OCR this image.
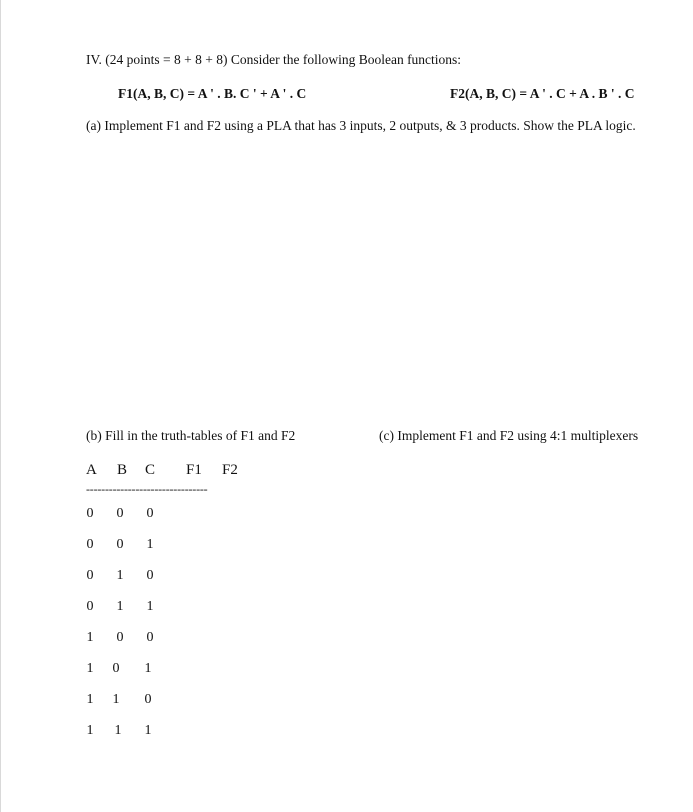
IV. (24 points = 8 + 8 + 8) Consider the following Boolean functions:
F1(A, B, C) = A ' . B. C ' + A ' . C	F2(A, B, C) = A ' . C + A . B ' . C
(a) Implement F1 and F2 using a PLA that has 3 inputs, 2 outputs, & 3 products. Show the PLA logic.
(b) Fill in the truth-tables of F1 and F2	(c) Implement F1 and F2 using 4:1 multiplexers
A B C F1 F2
--------------------------------
0 0 0
0 0 1
0 1 0
0 1 1
1 0 0
1 0 1
1 1 0
1 1 1
